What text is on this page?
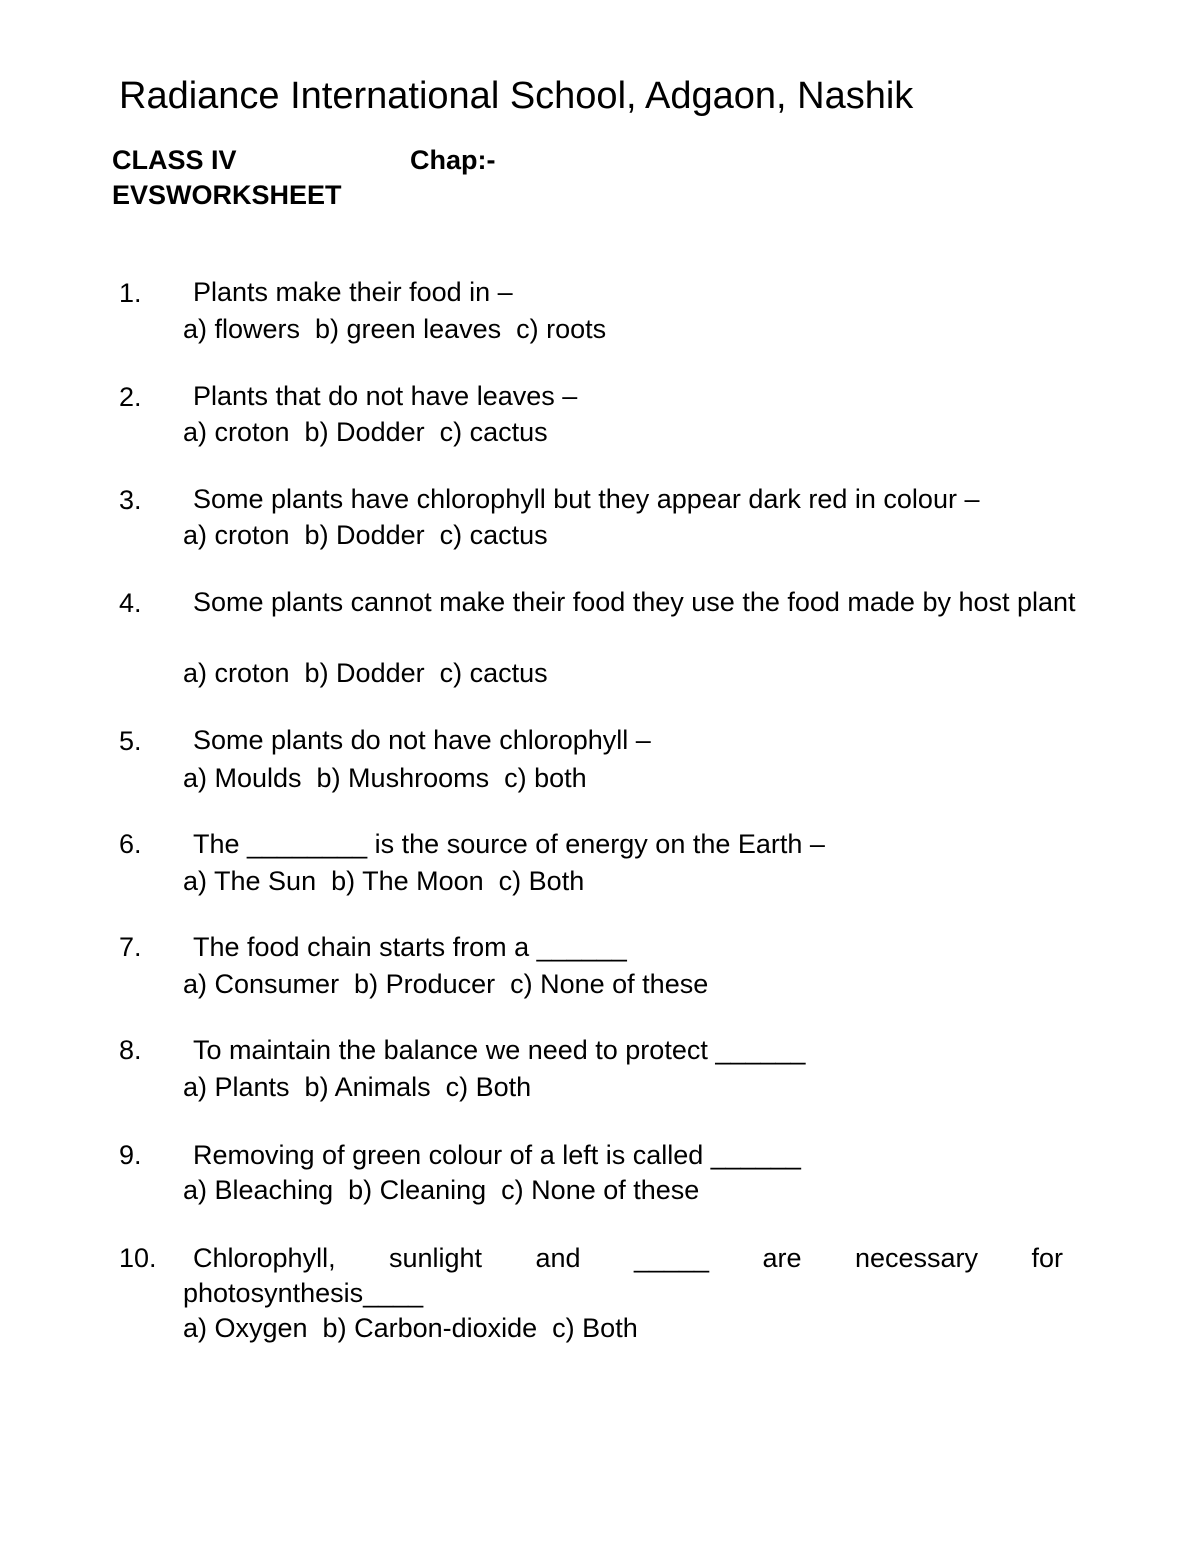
Radiance International School, Adgaon, Nashik
CLASS IV	Chap:-
EVSWORKSHEET
1. Plants make their food in –
a) flowers  b) green leaves  c) roots
2. Plants that do not have leaves –
a) croton  b) Dodder  c) cactus
3. Some plants have chlorophyll but they appear dark red in colour –
a) croton  b) Dodder  c) cactus
4. Some plants cannot make their food they use the food made by host plant
a) croton  b) Dodder  c) cactus
5. Some plants do not have chlorophyll –
a) Moulds  b) Mushrooms  c) both
6. The ________ is the source of energy on the Earth –
a) The Sun  b) The Moon  c) Both
7. The food chain starts from a ______
a) Consumer  b) Producer  c) None of these
8. To maintain the balance we need to protect ______
a) Plants  b) Animals  c) Both
9. Removing of green colour of a left is called ______
a) Bleaching  b) Cleaning  c) None of these
10. Chlorophyll, sunlight and _____ are necessary for
photosynthesis____
a) Oxygen  b) Carbon-dioxide  c) Both
